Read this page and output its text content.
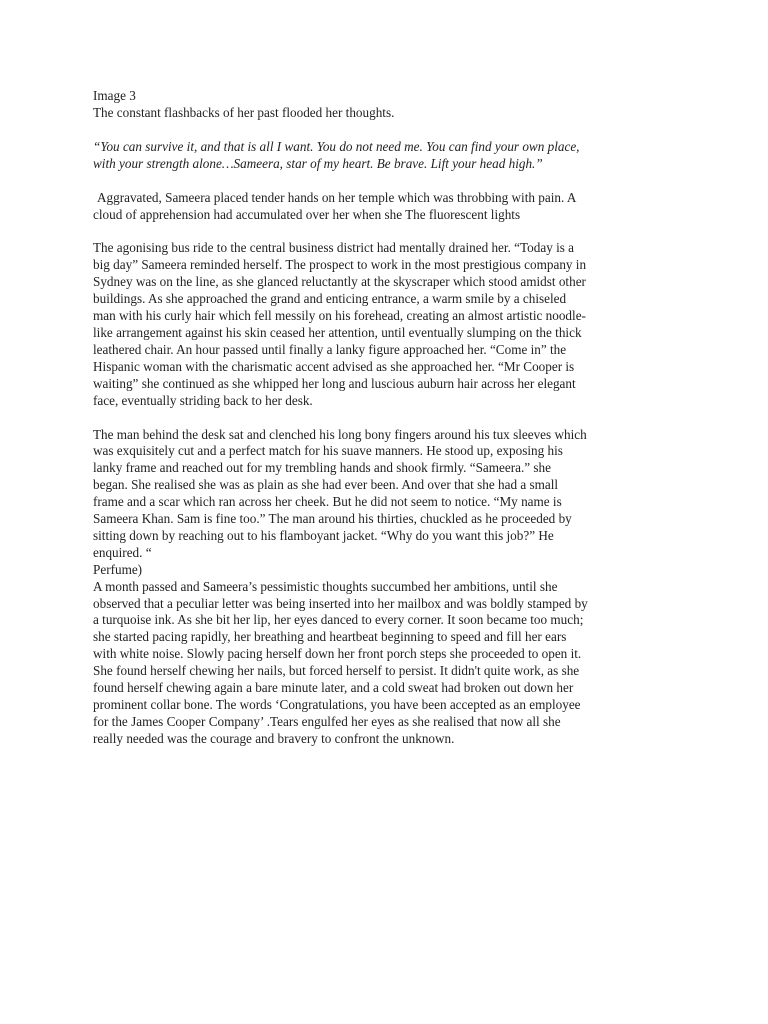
Image 3

The constant flashbacks of her past flooded her thoughts.

“You can survive it, and that is all I want. You do not need me. You can find your own place,
with your strength alone…Sameera, star of my heart. Be brave. Lift your head high.”

Aggravated, Sameera placed tender hands on her temple which was throbbing with pain. A
cloud of apprehension had accumulated over her when she The fluorescent lights

The agonising bus ride to the central business district had mentally drained her. “Today is a
big day” Sameera reminded herself. The prospect to work in the most prestigious company in
Sydney was on the line, as she glanced reluctantly at the skyscraper which stood amidst other
buildings. As she approached the grand and enticing entrance, a warm smile by a chiseled
man with his curly hair which fell messily on his forehead, creating an almost artistic noodle-
like arrangement against his skin ceased her attention, until eventually slumping on the thick
leathered chair. An hour passed until finally a lanky figure approached her. “Come in” the
Hispanic woman with the charismatic accent advised as she approached her. “Mr Cooper is
waiting” she continued as she whipped her long and luscious auburn hair across her elegant
face, eventually striding back to her desk.

The man behind the desk sat and clenched his long bony fingers around his tux sleeves which
was exquisitely cut and a perfect match for his suave manners. He stood up, exposing his
lanky frame and reached out for my trembling hands and shook firmly. “Sameera.” she
began. She realised she was as plain as she had ever been. And over that she had a small
frame and a scar which ran across her cheek. But he did not seem to notice. “My name is
Sameera Khan. Sam is fine too.” The man around his thirties, chuckled as he proceeded by
sitting down by reaching out to his flamboyant jacket. “Why do you want this job?” He
enquired. “

Perfume)

A month passed and Sameera’s pessimistic thoughts succumbed her ambitions, until she
observed that a peculiar letter was being inserted into her mailbox and was boldly stamped by
a turquoise ink. As she bit her lip, her eyes danced to every corner. It soon became too much;
she started pacing rapidly, her breathing and heartbeat beginning to speed and fill her ears
with white noise. Slowly pacing herself down her front porch steps she proceeded to open it.
She found herself chewing her nails, but forced herself to persist. It didn't quite work, as she
found herself chewing again a bare minute later, and a cold sweat had broken out down her
prominent collar bone. The words ‘Congratulations, you have been accepted as an employee
for the James Cooper Company’ .Tears engulfed her eyes as she realised that now all she
really needed was the courage and bravery to confront the unknown.
